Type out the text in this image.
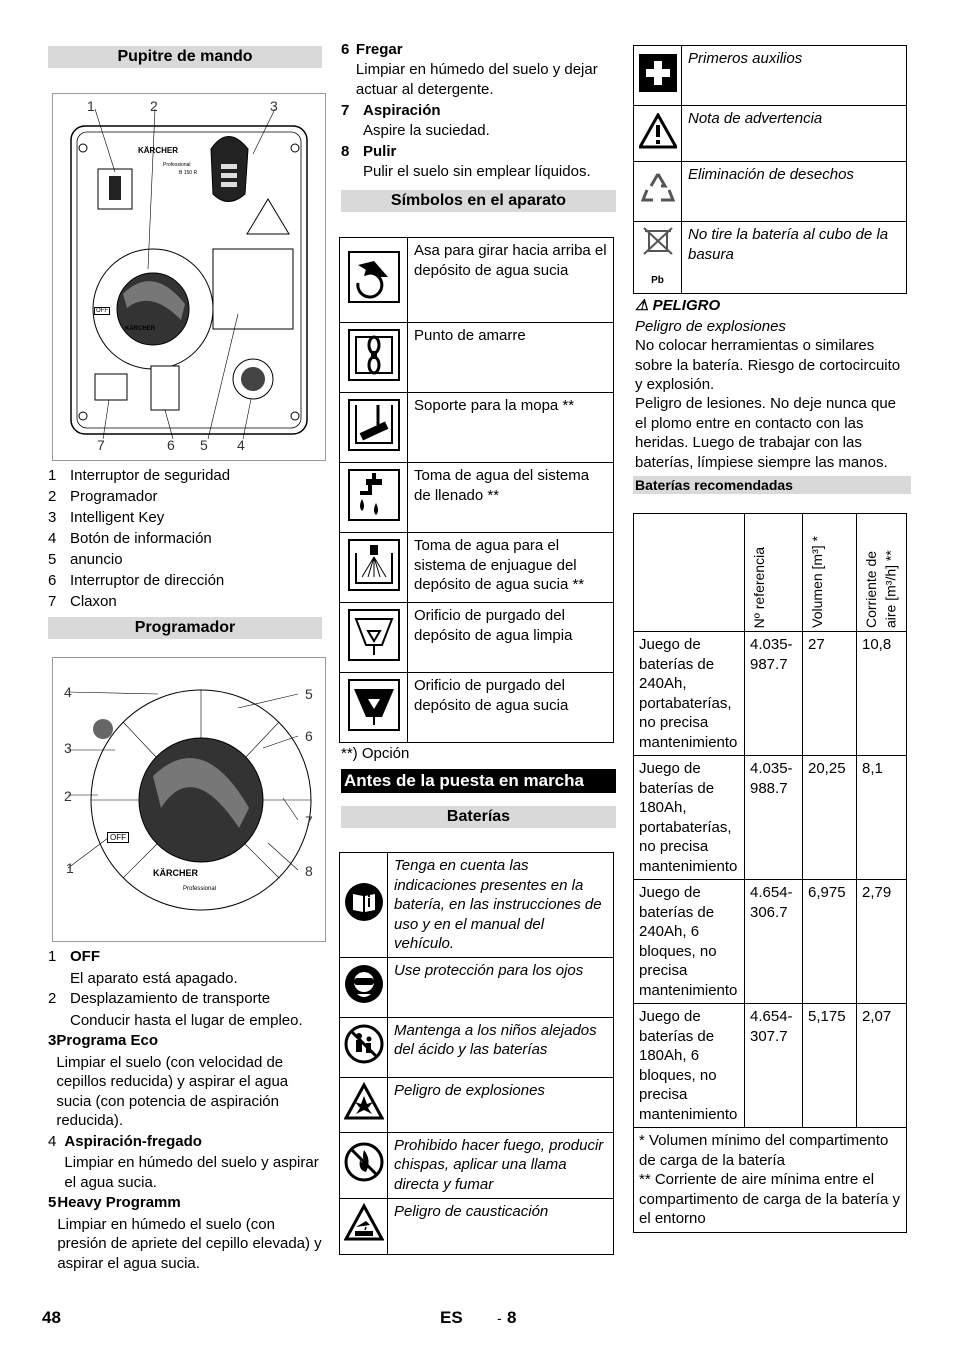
Pupitre de mando
1	2	3
7	6 5 4
KÄRCHER
Professional
B 150 R
OFF
KÄRCHER
1 Interruptor de seguridad
2 Programador
3 Intelligent Key
4 Botón de información
5 anuncio
6 Interruptor de dirección
7 Claxon
Programador
4	5
3
6
2
7
1	8
OFF
KÄRCHER
Professional
1 OFF
El aparato está apagado.
2 Desplazamiento de transporte
Conducir hasta el lugar de empleo.
3 Programa Eco
Limpiar el suelo (con velocidad de cepillos reducida) y aspirar el agua sucia (con potencia de aspiración reducida).
4 Aspiración-fregado
Limpiar en húmedo del suelo y aspirar el agua sucia.
5 Heavy Programm
Limpiar en húmedo el suelo (con presión de apriete del cepillo elevada) y aspirar el agua sucia.
6 Fregar
Limpiar en húmedo del suelo y dejar actuar al detergente.
7 Aspiración
Aspire la suciedad.
8 Pulir
Pulir el suelo sin emplear líquidos.
Símbolos en el aparato
	Asa para girar hacia arriba el depósito de agua sucia
	Punto de amarre
	Soporte para la mopa **
	Toma de agua del sistema de llenado **
	Toma de agua para el sistema de enjuague del depósito de agua sucia **
	Orificio de purgado del depósito de agua limpia
	Orificio de purgado del depósito de agua sucia
**) Opción
Antes de la puesta en marcha
Baterías
	Tenga en cuenta las indicaciones presentes en la batería, en las instrucciones de uso y en el manual del vehículo.
	Use protección para los ojos
	Mantenga a los niños alejados del ácido y las baterías
	Peligro de explosiones
	Prohibido hacer fuego, producir chispas, aplicar una llama directa y fumar
	Peligro de causticación
	Primeros auxilios
	Nota de advertencia
	Eliminación de desechos

Pb	No tire la batería al cubo de la basura
⚠ PELIGRO
Peligro de explosiones
No colocar herramientas o similares sobre la batería. Riesgo de cortocircuito y explosión.
Peligro de lesiones. No deje nunca que el plomo entre en contacto con las heridas. Luego de trabajar con las baterías, límpiese siempre las manos.
Baterías recomendadas

	Nº referencia	Volumen [m³] *	Corriente de aire [m³/h] **

Juego de baterías de 240Ah, portabaterías, no precisa mantenimiento	4.035-987.7	27	10,8
Juego de baterías de 180Ah, portabaterías, no precisa mantenimiento	4.035-988.7	20,25	8,1
Juego de baterías de 240Ah, 6 bloques, no precisa mantenimiento	4.654-306.7	6,975	2,79
Juego de baterías de 180Ah, 6 bloques, no precisa mantenimiento	4.654-307.7	5,175	2,07
* Volumen mínimo del compartimento de carga de la batería
** Corriente de aire mínima entre el compartimento de carga de la batería y el entorno			
48	ES - 8
